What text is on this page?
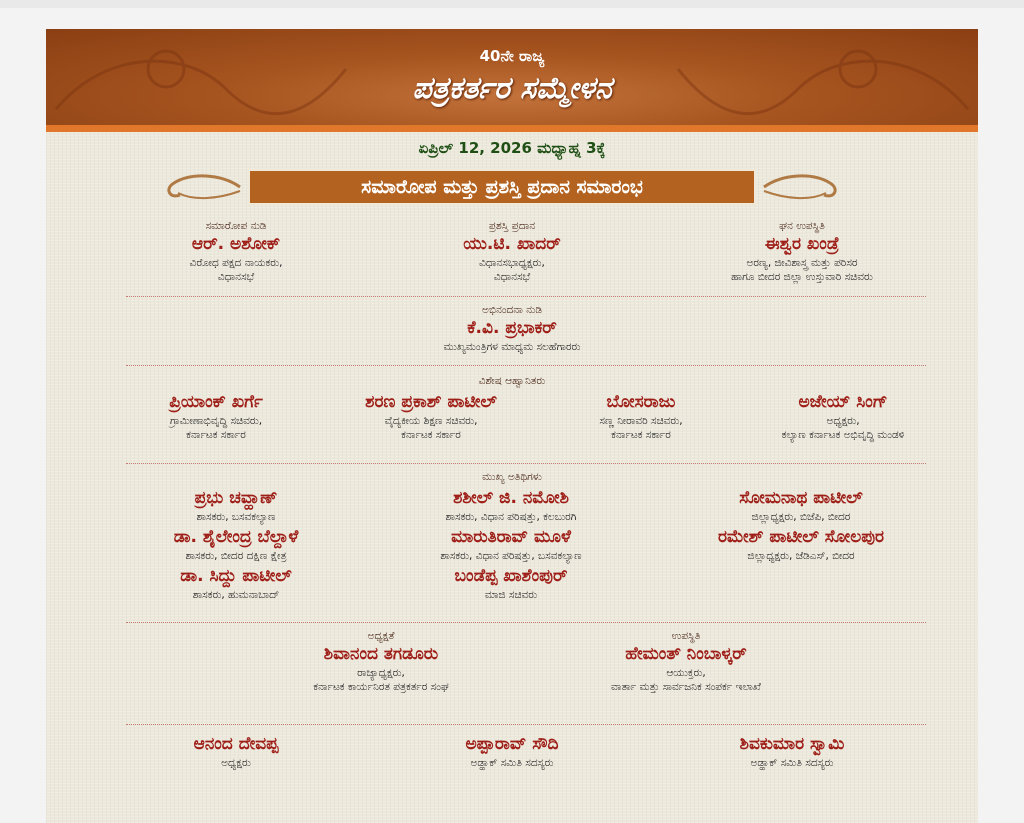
40ನೇ ರಾಜ್ಯ
ಪತ್ರಕರ್ತರ ಸಮ್ಮೇಳನ
ಏಪ್ರಿಲ್ 12, 2026 ಮಧ್ಯಾಹ್ನ 3ಕ್ಕೆ
ಸಮಾರೋಪ ಮತ್ತು ಪ್ರಶಸ್ತಿ ಪ್ರದಾನ ಸಮಾರಂಭ
ಸಮಾರೋಪ ನುಡಿ
ಆರ್. ಅಶೋಕ್
ವಿರೋಧ ಪಕ್ಷದ ನಾಯಕರು,
ವಿಧಾನಸಭೆ
ಪ್ರಶಸ್ತಿ ಪ್ರದಾನ
ಯು.ಟಿ. ಖಾದರ್
ವಿಧಾನಸಭಾಧ್ಯಕ್ಷರು,
ವಿಧಾನಸಭೆ
ಘನ ಉಪಸ್ಥಿತಿ
ಈಶ್ವರ ಖಂಡ್ರೆ
ಅರಣ್ಯ, ಜೀವಿಶಾಸ್ತ್ರ ಮತ್ತು ಪರಿಸರ
ಹಾಗೂ ಬೀದರ ಜಿಲ್ಲಾ ಉಸ್ತುವಾರಿ ಸಚಿವರು
ಅಭಿನಂದನಾ ನುಡಿ
ಕೆ.ವಿ. ಪ್ರಭಾಕರ್
ಮುಖ್ಯಮಂತ್ರಿಗಳ ಮಾಧ್ಯಮ ಸಲಹೆಗಾರರು
ವಿಶೇಷ ಆಹ್ವಾನಿತರು
ಪ್ರಿಯಾಂಕ್ ಖರ್ಗೆ
ಗ್ರಾಮೀಣಾಭಿವೃದ್ಧಿ ಸಚಿವರು,
ಕರ್ನಾಟಕ ಸರ್ಕಾರ
ಶರಣ ಪ್ರಕಾಶ್ ಪಾಟೀಲ್
ವೈದ್ಯಕೀಯ ಶಿಕ್ಷಣ ಸಚಿವರು,
ಕರ್ನಾಟಕ ಸರ್ಕಾರ
ಬೋಸರಾಜು
ಸಣ್ಣ ನೀರಾವರಿ ಸಚಿವರು,
ಕರ್ನಾಟಕ ಸರ್ಕಾರ
ಅಜೇಯ್ ಸಿಂಗ್
ಅಧ್ಯಕ್ಷರು,
ಕಲ್ಯಾಣ ಕರ್ನಾಟಕ ಅಭಿವೃದ್ಧಿ ಮಂಡಳಿ
ಮುಖ್ಯ ಅತಿಥಿಗಳು
ಪ್ರಭು ಚವ್ಹಾಣ್
ಶಾಸಕರು, ಬಸವಕಲ್ಯಾಣ
ಡಾ. ಶೈಲೇಂದ್ರ ಬೆಲ್ದಾಳೆ
ಶಾಸಕರು, ಬೀದರ ದಕ್ಷಿಣ ಕ್ಷೇತ್ರ
ಡಾ. ಸಿದ್ದು ಪಾಟೀಲ್
ಶಾಸಕರು, ಹುಮನಾಬಾದ್
ಶಶೀಲ್ ಜಿ. ನಮೋಶಿ
ಶಾಸಕರು, ವಿಧಾನ ಪರಿಷತ್ತು, ಕಲಬುರಗಿ
ಮಾರುತಿರಾವ್ ಮೂಳೆ
ಶಾಸಕರು, ವಿಧಾನ ಪರಿಷತ್ತು, ಬಸವಕಲ್ಯಾಣ
ಬಂಡೆಪ್ಪ ಖಾಶೆಂಪುರ್
ಮಾಜಿ ಸಚಿವರು
ಸೋಮನಾಥ ಪಾಟೀಲ್
ಜಿಲ್ಲಾಧ್ಯಕ್ಷರು, ಬಿಜೆಪಿ, ಬೀದರ
ರಮೇಶ್ ಪಾಟೀಲ್ ಸೋಲಪುರ
ಜಿಲ್ಲಾಧ್ಯಕ್ಷರು, ಜೆಡಿಎಸ್, ಬೀದರ
ಅಧ್ಯಕ್ಷತೆ
ಶಿವಾನಂದ ತಗಡೂರು
ರಾಜ್ಯಾಧ್ಯಕ್ಷರು,
ಕರ್ನಾಟಕ ಕಾರ್ಯನಿರತ ಪತ್ರಕರ್ತರ ಸಂಘ
ಉಪಸ್ಥಿತಿ
ಹೇಮಂತ್ ನಿಂಬಾಳ್ಕರ್
ಆಯುಕ್ತರು,
ವಾರ್ತಾ ಮತ್ತು ಸಾರ್ವಜನಿಕ ಸಂಪರ್ಕ ಇಲಾಖೆ
ಆನಂದ ದೇವಪ್ಪ
ಅಧ್ಯಕ್ಷರು
ಅಪ್ಪಾರಾವ್ ಸೌದಿ
ಅಡ್ಹಾಕ್ ಸಮಿತಿ ಸದಸ್ಯರು
ಶಿವಕುಮಾರ ಸ್ವಾಮಿ
ಅಡ್ಹಾಕ್ ಸಮಿತಿ ಸದಸ್ಯರು
